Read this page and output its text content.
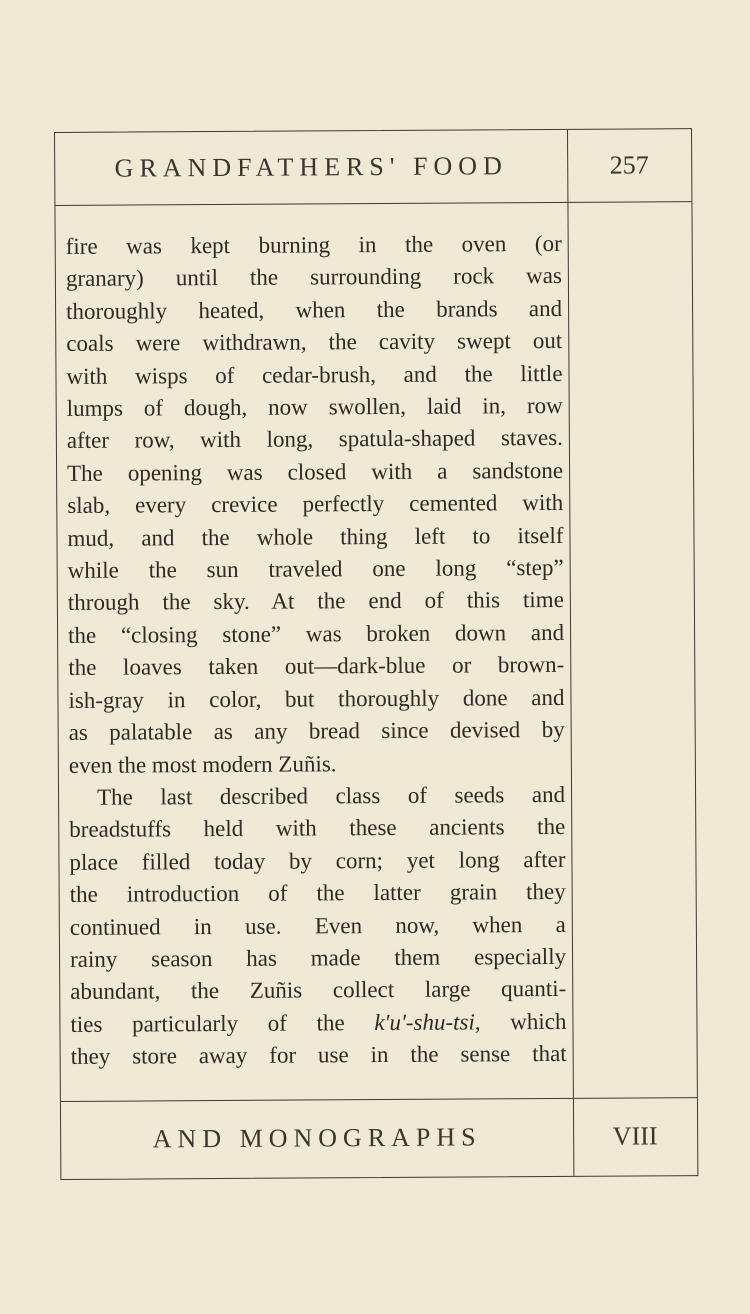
GRANDFATHERS' FOOD	257
fire was kept burning in the oven (or
granary) until the surrounding rock was
thoroughly heated, when the brands and
coals were withdrawn, the cavity swept out
with wisps of cedar-brush, and the little
lumps of dough, now swollen, laid in, row
after row, with long, spatula-shaped staves.
The opening was closed with a sandstone
slab, every crevice perfectly cemented with
mud, and the whole thing left to itself
while the sun traveled one long “step”
through the sky. At the end of this time
the “closing stone” was broken down and
the loaves taken out—dark-blue or brown-
ish-gray in color, but thoroughly done and
as palatable as any bread since devised by
even the most modern Zuñis.
The last described class of seeds and
breadstuffs held with these ancients the
place filled today by corn; yet long after
the introduction of the latter grain they
continued in use. Even now, when a
rainy season has made them especially
abundant, the Zuñis collect large quanti-
ties particularly of the k'u'-shu-tsi, which
they store away for use in the sense that
AND MONOGRAPHS	VIII
